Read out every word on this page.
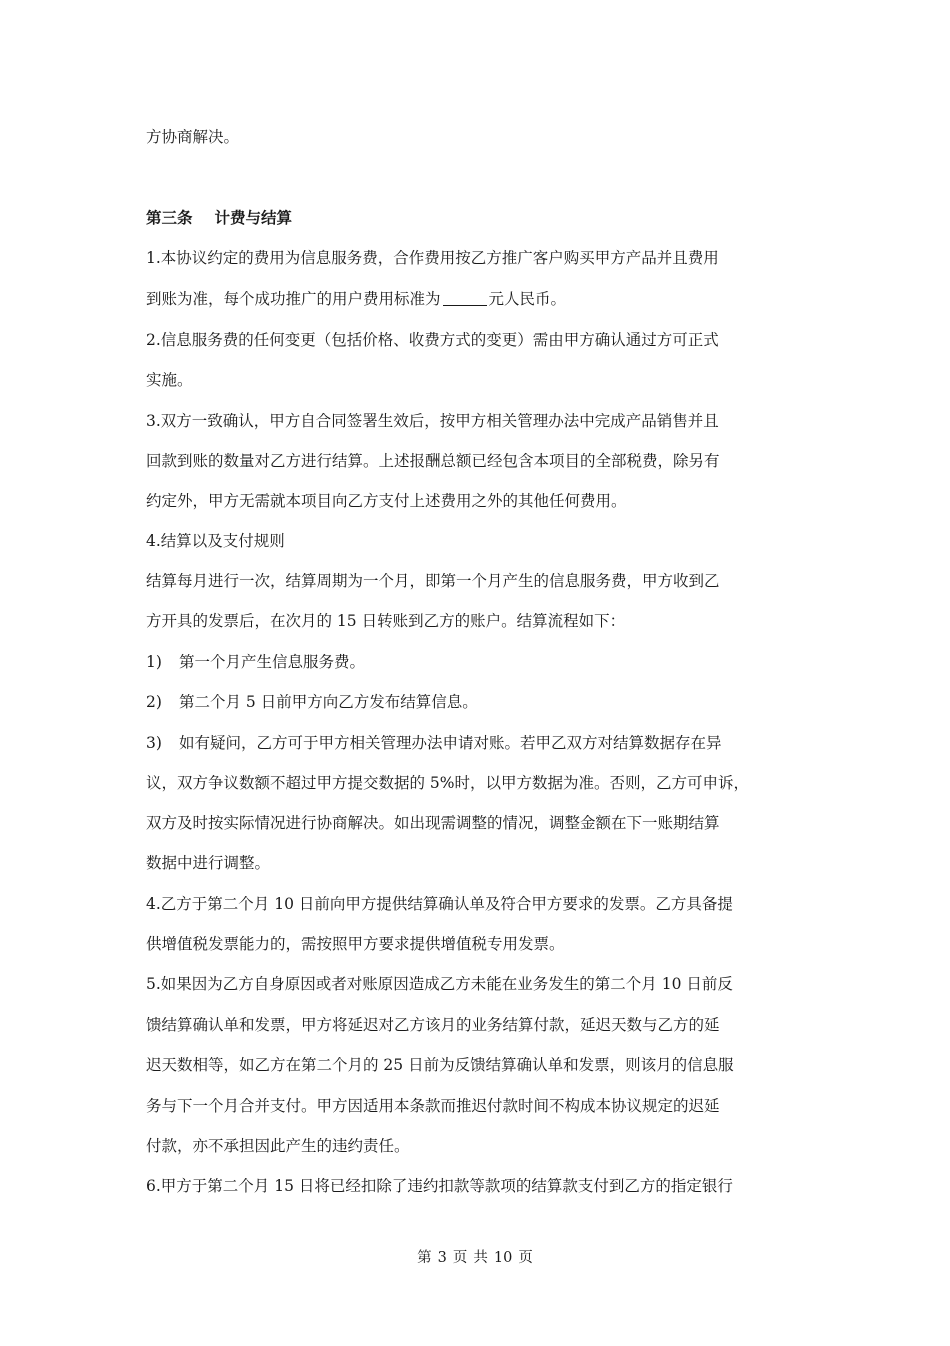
方协商解决。
第三条 计费与结算
1.本协议约定的费用为信息服务费，合作费用按乙方推广客户购买甲方产品并且费用
到账为准，每个成功推广的用户费用标准为	元人民币。
2.信息服务费的任何变更（包括价格、收费方式的变更）需由甲方确认通过方可正式
实施。
3.双方一致确认，甲方自合同签署生效后，按甲方相关管理办法中完成产品销售并且
回款到账的数量对乙方进行结算。上述报酬总额已经包含本项目的全部税费，除另有
约定外，甲方无需就本项目向乙方支付上述费用之外的其他任何费用。
4.结算以及支付规则
结算每月进行一次，结算周期为一个月，即第一个月产生的信息服务费，甲方收到乙
方开具的发票后，在次月的 15 日转账到乙方的账户。结算流程如下：
1) 第一个月产生信息服务费。
2) 第二个月 5 日前甲方向乙方发布结算信息。
3) 如有疑问，乙方可于甲方相关管理办法申请对账。若甲乙双方对结算数据存在异
议，双方争议数额不超过甲方提交数据的 5%时，以甲方数据为准。否则，乙方可申诉，
双方及时按实际情况进行协商解决。如出现需调整的情况，调整金额在下一账期结算
数据中进行调整。
4.乙方于第二个月 10 日前向甲方提供结算确认单及符合甲方要求的发票。乙方具备提
供增值税发票能力的，需按照甲方要求提供增值税专用发票。
5.如果因为乙方自身原因或者对账原因造成乙方未能在业务发生的第二个月 10 日前反
馈结算确认单和发票，甲方将延迟对乙方该月的业务结算付款，延迟天数与乙方的延
迟天数相等，如乙方在第二个月的 25 日前为反馈结算确认单和发票，则该月的信息服
务与下一个月合并支付。甲方因适用本条款而推迟付款时间不构成本协议规定的迟延
付款，亦不承担因此产生的违约责任。
6.甲方于第二个月 15 日将已经扣除了违约扣款等款项的结算款支付到乙方的指定银行
第 3 页 共 10 页
